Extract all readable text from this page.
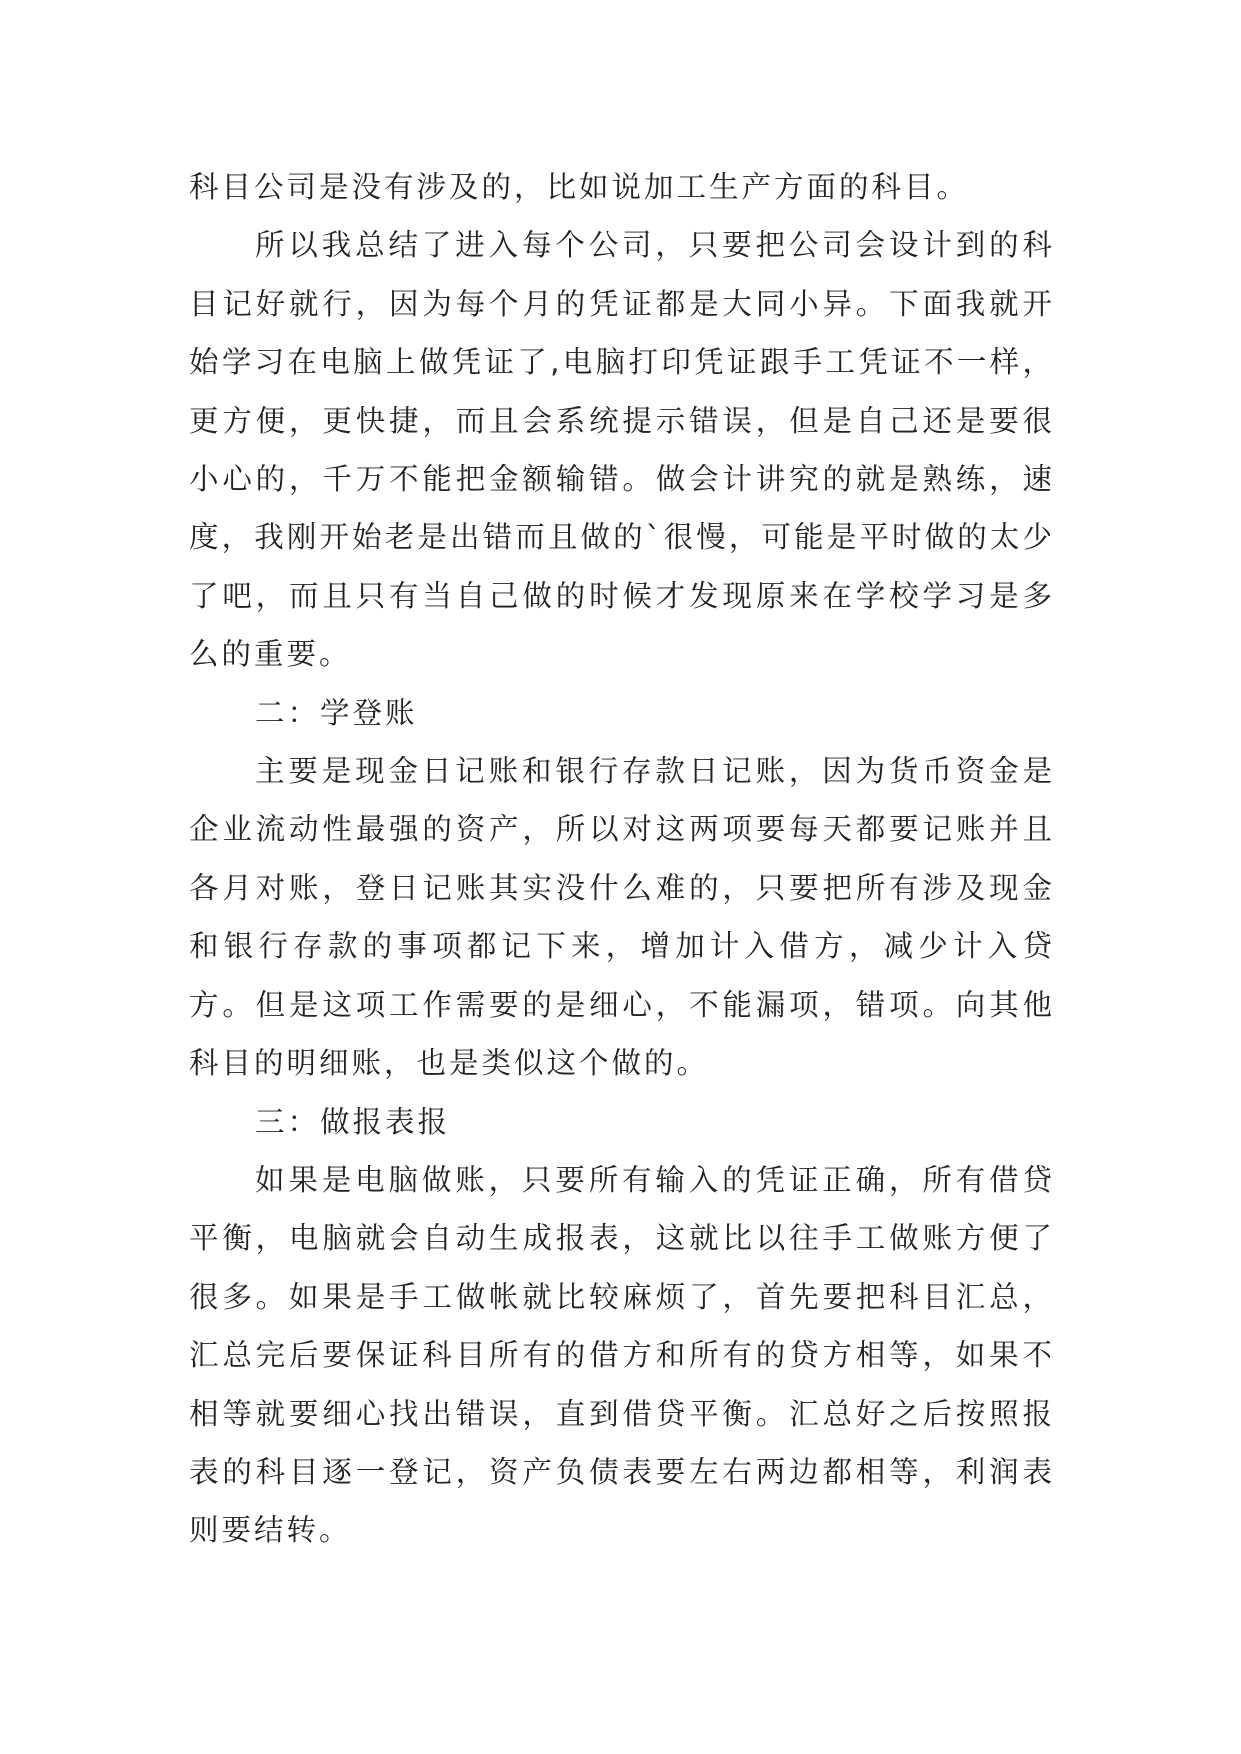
科目公司是没有涉及的，比如说加工生产方面的科目。

所以我总结了进入每个公司，只要把公司会设计到的科目记好就行，因为每个月的凭证都是大同小异。下面我就开始学习在电脑上做凭证了,电脑打印凭证跟手工凭证不一样，更方便，更快捷，而且会系统提示错误，但是自己还是要很小心的，千万不能把金额输错。做会计讲究的就是熟练，速度，我刚开始老是出错而且做的`很慢，可能是平时做的太少了吧，而且只有当自己做的时候才发现原来在学校学习是多么的重要。

二：学登账

主要是现金日记账和银行存款日记账，因为货币资金是企业流动性最强的资产，所以对这两项要每天都要记账并且各月对账，登日记账其实没什么难的，只要把所有涉及现金和银行存款的事项都记下来，增加计入借方，减少计入贷方。但是这项工作需要的是细心，不能漏项，错项。向其他科目的明细账，也是类似这个做的。

三：做报表报

如果是电脑做账，只要所有输入的凭证正确，所有借贷平衡，电脑就会自动生成报表，这就比以往手工做账方便了很多。如果是手工做帐就比较麻烦了，首先要把科目汇总，汇总完后要保证科目所有的借方和所有的贷方相等，如果不相等就要细心找出错误，直到借贷平衡。汇总好之后按照报表的科目逐一登记，资产负债表要左右两边都相等，利润表则要结转。
